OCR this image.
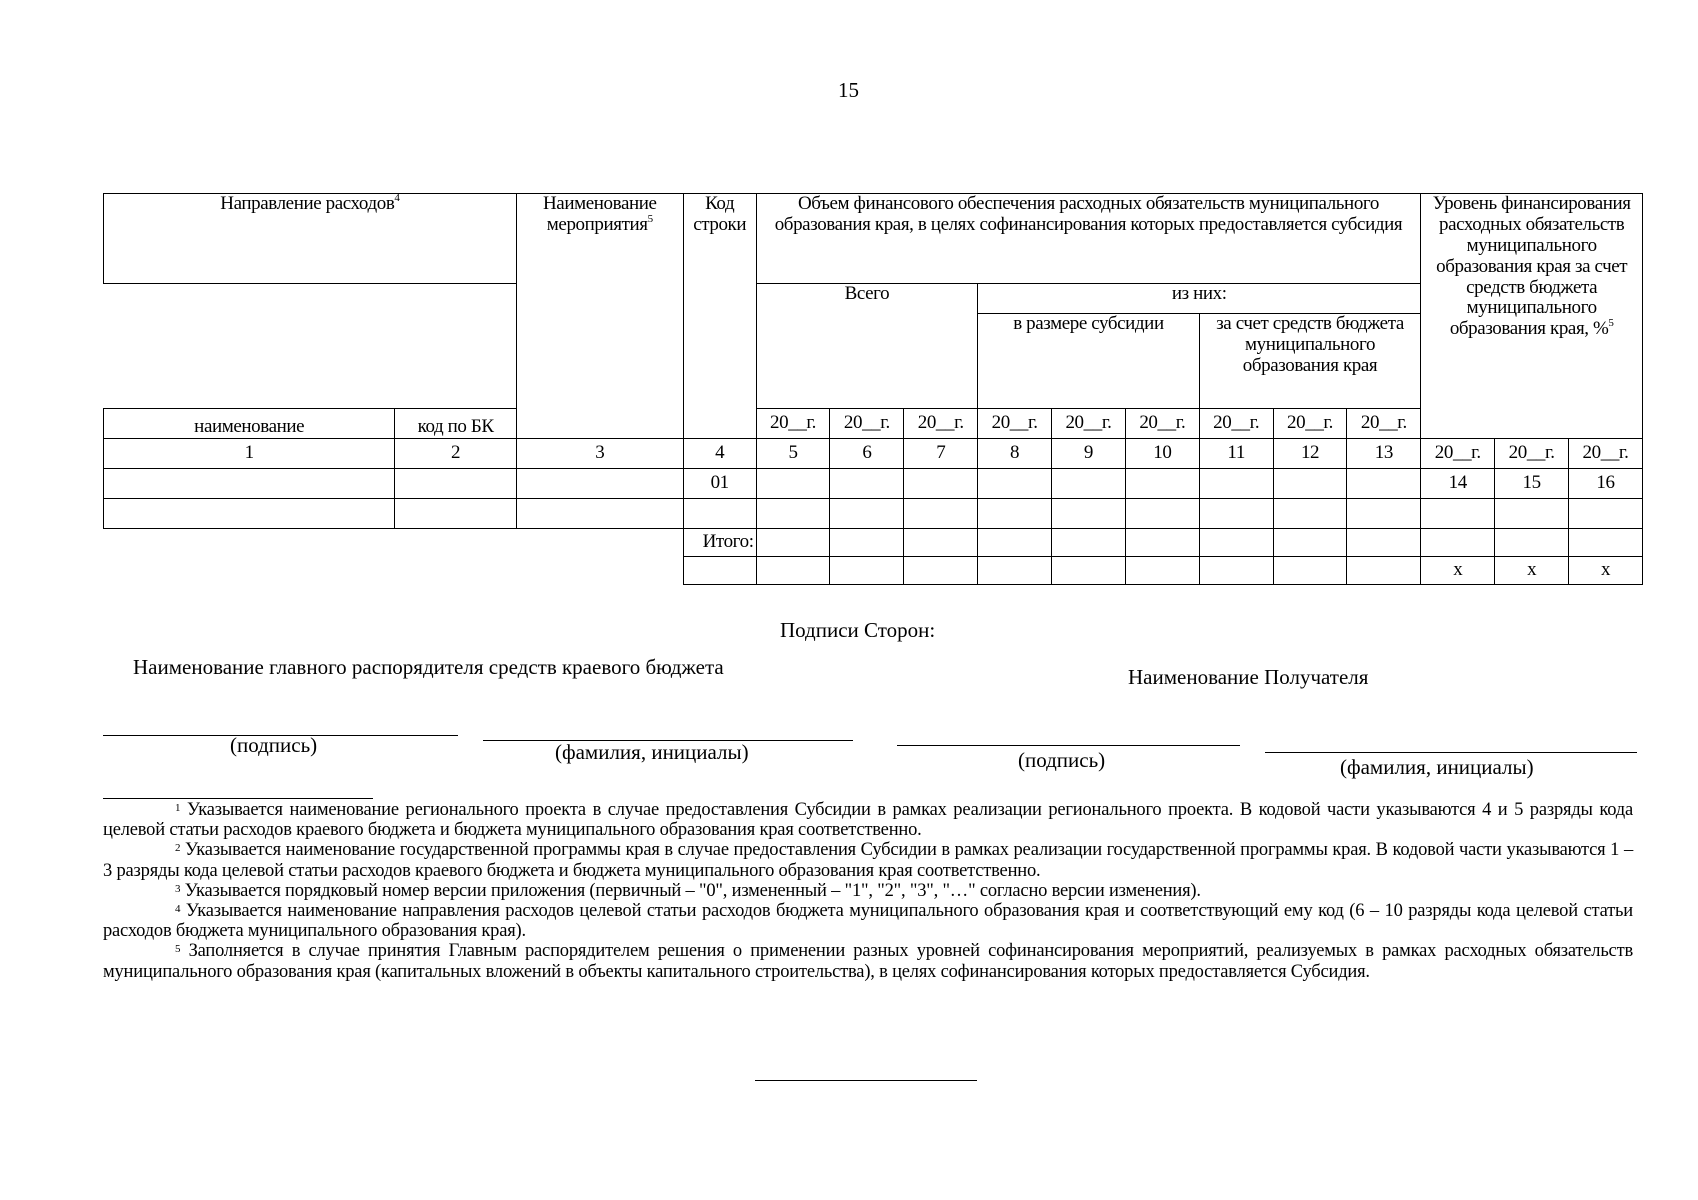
15
Направление расходов$^4$		Наименование мероприятия$^5$	Код строки	Объем финансового обеспечения расходных обязательств муниципального образования края, в целях софинансирования которых предоставляется субсидия									Уровень финансирования расходных обязательств муниципального образования края за счет средств бюджета муниципального образования края, %$^5$
				Всего			из них:								
							в размере субсидии			за счет средств бюджета муниципального образования края					
наименование	код по БК			20__г.	20__г.	20__г.	20__г.	20__г.	20__г.	20__г.	20__г.	20__г.			
1	2	3	4	5	6	7	8	9	10	11	12	13	20__г.	20__г.	20__г.
			01										14	15	16

			Итого:												
													х	х	х
Подписи Сторон:
Наименование главного распорядителя средств краевого бюджета	Наименование Получателя
(подпись)	(фамилия, инициалы)	(подпись)	(фамилия, инициалы)

$^1$ Указывается наименование регионального проекта в случае предоставления Субсидии в рамках реализации регионального проекта. В кодовой части указываются 4 и 5 разряды кода целевой статьи расходов краевого бюджета и бюджета муниципального образования края соответственно.

$^2$ Указывается наименование государственной программы края в случае предоставления Субсидии в рамках реализации государственной программы края. В кодовой части указываются 1 – 3 разряды кода целевой статьи расходов краевого бюджета и бюджета муниципального образования края соответственно.

$^3$ Указывается порядковый номер версии приложения (первичный – "0", измененный – "1", "2", "3", "…" согласно версии изменения).

$^4$ Указывается наименование направления расходов целевой статьи расходов бюджета муниципального образования края и соответствующий ему код (6 – 10 разряды кода целевой статьи расходов бюджета муниципального образования края).

$^5$ Заполняется в случае принятия Главным распорядителем решения о применении разных уровней софинансирования мероприятий, реализуемых в рамках расходных обязательств муниципального образования края (капитальных вложений в объекты капитального строительства), в целях софинансирования которых предоставляется Субсидия.
